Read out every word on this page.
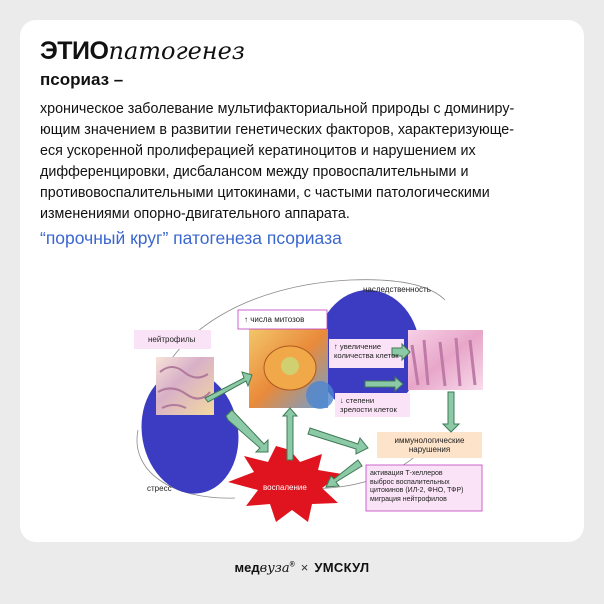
ЭТИОпатогенез
псориаз –

хроническое заболевание мультифакториальной природы с доминиру-
ющим значением в развитии генетических факторов, характеризующе-
еся ускоренной пролиферацией кератиноцитов и нарушением их
дифференцировки, дисбалансом между провоспалительными и
противовоспалительными цитокинами, с частыми патологическими
изменениями опорно-двигательного аппарата.

“порочный круг” патогенеза псориаза
наследственность
нейтрофилы
↑ числа митозов
↑ увеличение
количества клеток
↓ степени
зрелости клеток
иммунологические
нарушения
стресс	воспаление
активация Т-хеллеров
выброс воспалительных
цитокинов (ИЛ-2, ФНО, ТФР)
миграция нейтрофилов
медвуза® × УМСКУЛ
